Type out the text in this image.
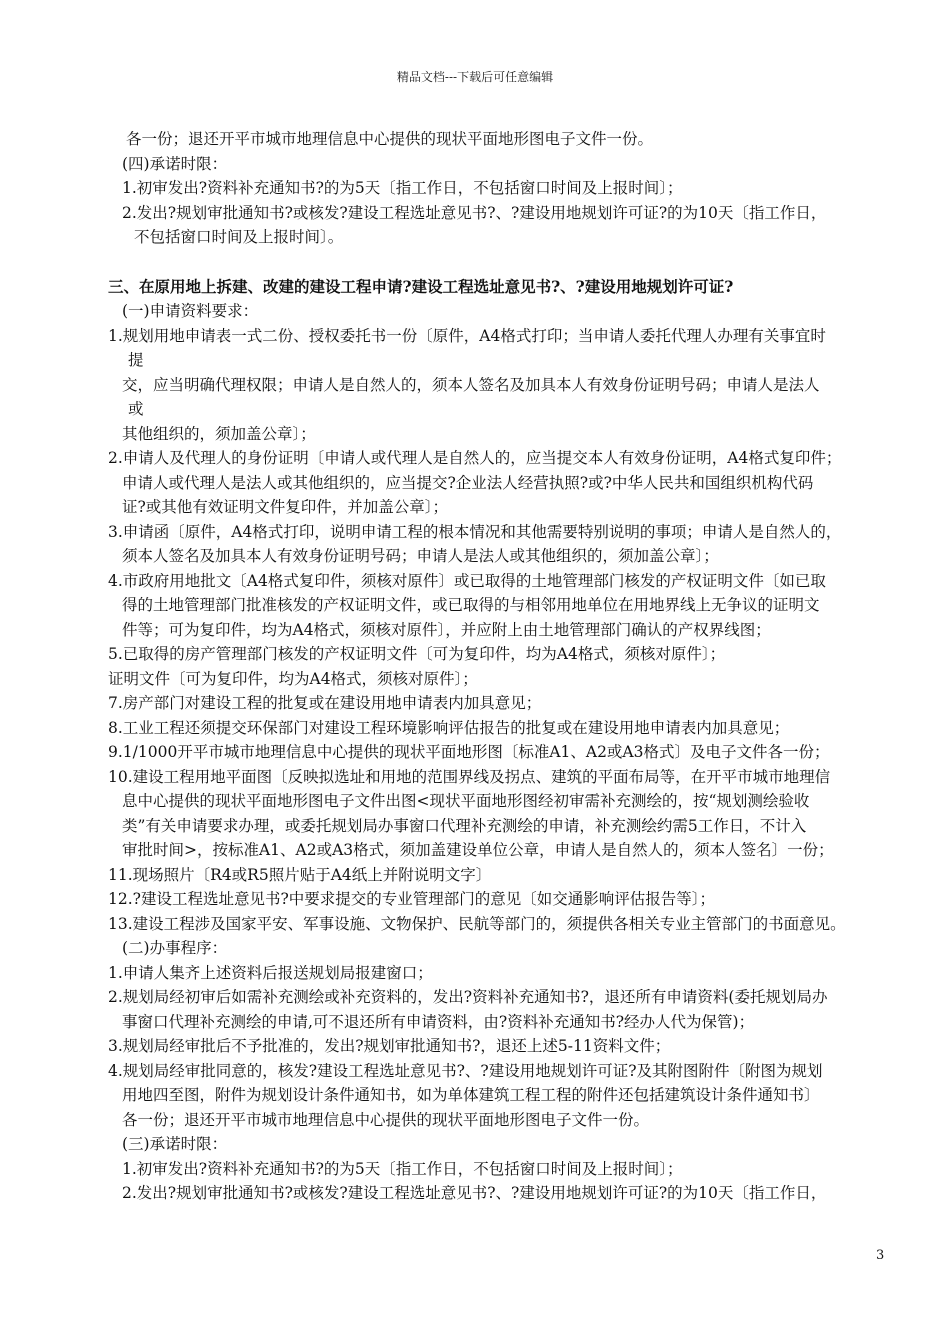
精品文档---下载后可任意编辑
各一份；退还开平市城市地理信息中心提供的现状平面地形图电子文件一份。
(四)承诺时限：
1.初审发出?资料补充通知书?的为5天〔指工作日，不包括窗口时间及上报时间〕；
2.发出?规划审批通知书?或核发?建设工程选址意见书?、?建设用地规划许可证?的为10天〔指工作日，
不包括窗口时间及上报时间〕。
三、在原用地上拆建、改建的建设工程申请?建设工程选址意见书?、?建设用地规划许可证?
(一)申请资料要求：
1.规划用地申请表一式二份、授权委托书一份〔原件，A4格式打印；当申请人委托代理人办理有关事宜时
提
交，应当明确代理权限；申请人是自然人的，须本人签名及加具本人有效身份证明号码；申请人是法人
或
其他组织的，须加盖公章〕；
2.申请人及代理人的身份证明〔申请人或代理人是自然人的，应当提交本人有效身份证明，A4格式复印件；
申请人或代理人是法人或其他组织的，应当提交?企业法人经营执照?或?中华人民共和国组织机构代码
证?或其他有效证明文件复印件，并加盖公章〕；
3.申请函〔原件，A4格式打印，说明申请工程的根本情况和其他需要特别说明的事项；申请人是自然人的，
须本人签名及加具本人有效身份证明号码；申请人是法人或其他组织的，须加盖公章〕；
4.市政府用地批文〔A4格式复印件，须核对原件〕或已取得的土地管理部门核发的产权证明文件〔如已取
得的土地管理部门批准核发的产权证明文件，或已取得的与相邻用地单位在用地界线上无争议的证明文
件等；可为复印件，均为A4格式，须核对原件〕，并应附上由土地管理部门确认的产权界线图；
5.已取得的房产管理部门核发的产权证明文件〔可为复印件，均为A4格式，须核对原件〕；
证明文件〔可为复印件，均为A4格式，须核对原件〕；
7.房产部门对建设工程的批复或在建设用地申请表内加具意见；
8.工业工程还须提交环保部门对建设工程环境影响评估报告的批复或在建设用地申请表内加具意见；
9.1/1000开平市城市地理信息中心提供的现状平面地形图〔标准A1、A2或A3格式〕及电子文件各一份；
10.建设工程用地平面图〔反映拟选址和用地的范围界线及拐点、建筑的平面布局等，在开平市城市地理信
息中心提供的现状平面地形图电子文件出图<现状平面地形图经初审需补充测绘的，按“规划测绘验收
类”有关申请要求办理，或委托规划局办事窗口代理补充测绘的申请，补充测绘约需5工作日，不计入
审批时间>，按标准A1、A2或A3格式，须加盖建设单位公章，申请人是自然人的，须本人签名〕一份；
11.现场照片〔R4或R5照片贴于A4纸上并附说明文字〕
12.?建设工程选址意见书?中要求提交的专业管理部门的意见〔如交通影响评估报告等〕；
13.建设工程涉及国家平安、军事设施、文物保护、民航等部门的，须提供各相关专业主管部门的书面意见。
(二)办事程序：
1.申请人集齐上述资料后报送规划局报建窗口；
2.规划局经初审后如需补充测绘或补充资料的，发出?资料补充通知书?，退还所有申请资料(委托规划局办
事窗口代理补充测绘的申请,可不退还所有申请资料，由?资料补充通知书?经办人代为保管)；
3.规划局经审批后不予批准的，发出?规划审批通知书?，退还上述5-11资料文件；
4.规划局经审批同意的，核发?建设工程选址意见书?、?建设用地规划许可证?及其附图附件〔附图为规划
用地四至图，附件为规划设计条件通知书，如为单体建筑工程工程的附件还包括建筑设计条件通知书〕
各一份；退还开平市城市地理信息中心提供的现状平面地形图电子文件一份。
(三)承诺时限：
1.初审发出?资料补充通知书?的为5天〔指工作日，不包括窗口时间及上报时间〕；
2.发出?规划审批通知书?或核发?建设工程选址意见书?、?建设用地规划许可证?的为10天〔指工作日，
3
